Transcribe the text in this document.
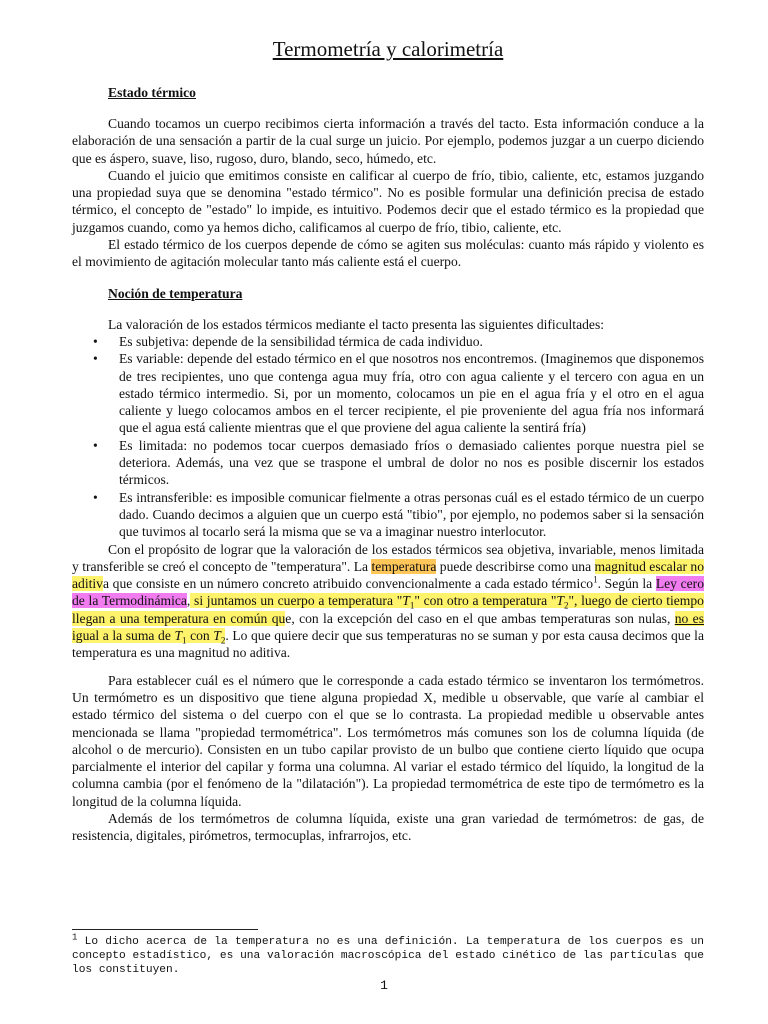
Termometría y calorimetría
Estado térmico

Cuando tocamos un cuerpo recibimos cierta información a través del tacto. Esta información conduce a la elaboración de una sensación a partir de la cual surge un juicio. Por ejemplo, podemos juzgar a un cuerpo diciendo que es áspero, suave, liso, rugoso, duro, blando, seco, húmedo, etc.

Cuando el juicio que emitimos consiste en calificar al cuerpo de frío, tibio, caliente, etc, estamos juzgando una propiedad suya que se denomina "estado térmico". No es posible formular una definición precisa de estado térmico, el concepto de "estado" lo impide, es intuitivo. Podemos decir que el estado térmico es la propiedad que juzgamos cuando, como ya hemos dicho, calificamos al cuerpo de frío, tibio, caliente, etc.

El estado térmico de los cuerpos depende de cómo se agiten sus moléculas: cuanto más rápido y violento es el movimiento de agitación molecular tanto más caliente está el cuerpo.

Noción de temperatura
La valoración de los estados térmicos mediante el tacto presenta las siguientes dificultades:
• Es subjetiva: depende de la sensibilidad térmica de cada individuo.
• Es variable: depende del estado térmico en el que nosotros nos encontremos. (Imaginemos que disponemos de tres recipientes, uno que contenga agua muy fría, otro con agua caliente y el tercero con agua en un estado térmico intermedio. Si, por un momento, colocamos un pie en el agua fría y el otro en el agua caliente y luego colocamos ambos en el tercer recipiente, el pie proveniente del agua fría nos informará que el agua está caliente mientras que el que proviene del agua caliente la sentirá fría)
• Es limitada: no podemos tocar cuerpos demasiado fríos o demasiado calientes porque nuestra piel se deteriora. Además, una vez que se traspone el umbral de dolor no nos es posible discernir los estados térmicos.
• Es intransferible: es imposible comunicar fielmente a otras personas cuál es el estado térmico de un cuerpo dado. Cuando decimos a alguien que un cuerpo está "tibio", por ejemplo, no podemos saber si la sensación que tuvimos al tocarlo será la misma que se va a imaginar nuestro interlocutor.

Con el propósito de lograr que la valoración de los estados térmicos sea objetiva, invariable, menos limitada y transferible se creó el concepto de "temperatura". La temperatura puede describirse como una magnitud escalar no aditiva que consiste en un número concreto atribuido convencionalmente a cada estado térmico$^1$. Según la Ley cero de la Termodinámica, si juntamos un cuerpo a temperatura "$T_1$" con otro a temperatura "$T_2$", luego de cierto tiempo llegan a una temperatura en común que, con la excepción del caso en el que ambas temperaturas son nulas, no es igual a la suma de $T_1$ con $T_2$. Lo que quiere decir que sus temperaturas no se suman y por esta causa decimos que la temperatura es una magnitud no aditiva.

Para establecer cuál es el número que le corresponde a cada estado térmico se inventaron los termómetros. Un termómetro es un dispositivo que tiene alguna propiedad X, medible u observable, que varíe al cambiar el estado térmico del sistema o del cuerpo con el que se lo contrasta. La propiedad medible u observable antes mencionada se llama "propiedad termométrica". Los termómetros más comunes son los de columna líquida (de alcohol o de mercurio). Consisten en un tubo capilar provisto de un bulbo que contiene cierto líquido que ocupa parcialmente el interior del capilar y forma una columna. Al variar el estado térmico del líquido, la longitud de la columna cambia (por el fenómeno de la "dilatación"). La propiedad termométrica de este tipo de termómetro es la longitud de la columna líquida.

Además de los termómetros de columna líquida, existe una gran variedad de termómetros: de gas, de resistencia, digitales, pirómetros, termocuplas, infrarrojos, etc.

$^1$ Lo dicho acerca de la temperatura no es una definición. La temperatura de los cuerpos es un concepto estadístico, es una valoración macroscópica del estado cinético de las partículas que los constituyen.
1
